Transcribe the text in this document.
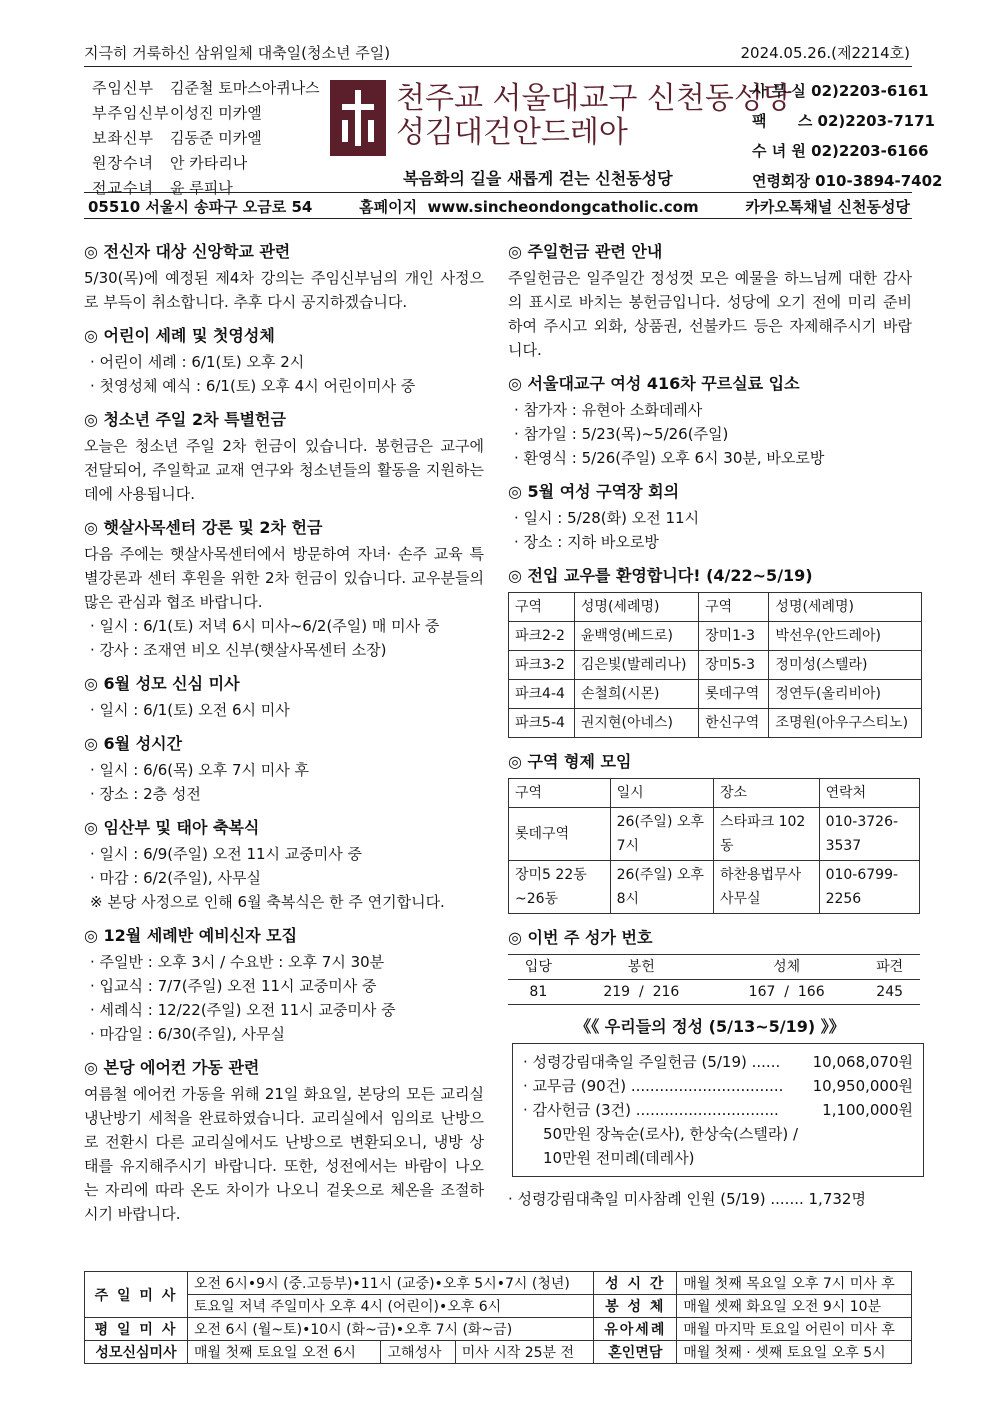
지극히 거룩하신 삼위일체 대축일(청소년 주일)	2024.05.26.(제2214호)
주임신부	김준철 토마스아퀴나스
부주임신부 이성진 미카엘
보좌신부	김동준 미카엘
원장수녀	안 카타리나
전교수녀	윤 루피나
천주교 서울대교구 신천동성당
성김대건안드레아
복음화의 길을 새롭게 걷는 신천동성당
사 무 실 02)2203-6161
팩      스 02)2203-7171
수 녀 원 02)2203-6166
연령회장 010-3894-7402
05510 서울시 송파구 오금로 54	홈페이지  www.sincheondongcatholic.com	카카오톡채널 신천동성당
◎ 전신자 대상 신앙학교 관련
5/30(목)에 예정된 제4차 강의는 주임신부님의 개인 사정으로 부득이 취소합니다. 추후 다시 공지하겠습니다.
◎ 어린이 세례 및 첫영성체
· 어린이 세례 : 6/1(토) 오후 2시
· 첫영성체 예식 : 6/1(토) 오후 4시 어린이미사 중
◎ 청소년 주일 2차 특별헌금
오늘은 청소년 주일 2차 헌금이 있습니다. 봉헌금은 교구에 전달되어, 주일학교 교재 연구와 청소년들의 활동을 지원하는 데에 사용됩니다.
◎ 햇살사목센터 강론 및 2차 헌금
다음 주에는 햇살사목센터에서 방문하여 자녀· 손주 교육 특별강론과 센터 후원을 위한 2차 헌금이 있습니다. 교우분들의 많은 관심과 협조 바랍니다.
· 일시 : 6/1(토) 저녁 6시 미사~6/2(주일) 매 미사 중
· 강사 : 조재연 비오 신부(햇살사목센터 소장)
◎ 6월 성모 신심 미사
· 일시 : 6/1(토) 오전 6시 미사
◎ 6월 성시간
· 일시 : 6/6(목) 오후 7시 미사 후
· 장소 : 2층 성전
◎ 임산부 및 태아 축복식
· 일시 : 6/9(주일) 오전 11시 교중미사 중
· 마감 : 6/2(주일), 사무실
※ 본당 사정으로 인해 6월 축복식은 한 주 연기합니다.
◎ 12월 세례반 예비신자 모집
· 주일반 : 오후 3시 / 수요반 : 오후 7시 30분
· 입교식 : 7/7(주일) 오전 11시 교중미사 중
· 세례식 : 12/22(주일) 오전 11시 교중미사 중
· 마감일 : 6/30(주일), 사무실
◎ 본당 에어컨 가동 관련
여름철 에어컨 가동을 위해 21일 화요일, 본당의 모든 교리실 냉난방기 세척을 완료하였습니다. 교리실에서 임의로 난방으로 전환시 다른 교리실에서도 난방으로 변환되오니, 냉방 상태를 유지해주시기 바랍니다. 또한, 성전에서는 바람이 나오는 자리에 따라 온도 차이가 나오니 겉옷으로 체온을 조절하시기 바랍니다.
◎ 주일헌금 관련 안내
주일헌금은 일주일간 정성껏 모은 예물을 하느님께 대한 감사의 표시로 바치는 봉헌금입니다. 성당에 오기 전에 미리 준비하여 주시고 외화, 상품권, 선불카드 등은 자제해주시기 바랍니다.
◎ 서울대교구 여성 416차 꾸르실료 입소
· 참가자 : 유현아 소화데레사
· 참가일 : 5/23(목)~5/26(주일)
· 환영식 : 5/26(주일) 오후 6시 30분, 바오로방
◎ 5월 여성 구역장 회의
· 일시 : 5/28(화) 오전 11시
· 장소 : 지하 바오로방
◎ 전입 교우를 환영합니다! (4/22~5/19)
구역	성명(세례명)	구역	성명(세례명)
파크2-2	윤백영(베드로)	장미1-3	박선우(안드레아)
파크3-2	김은빛(발레리나)	장미5-3	정미성(스텔라)
파크4-4	손철희(시몬)	롯데구역	정연두(올리비아)
파크5-4	권지현(아네스)	한신구역	조명원(아우구스티노)
◎ 구역 형제 모임
구역	일시	장소	연락처
롯데구역	26(주일) 오후 7시	스타파크 102동	010-3726-3537
장미5 22동~26동	26(주일) 오후 8시	하찬용법무사사무실	010-6799-2256
◎ 이번 주 성가 번호
입당	봉헌	성체	파견
81	219  /  216	167  /  166	245
《《 우리들의 정성 (5/13~5/19) 》》
· 성령강림대축일 주일헌금 (5/19) ...... 10,068,070원
· 교무금 (90건) ................................ 10,950,000원
· 감사헌금 (3건) ..............................	1,100,000원
50만원 장녹순(로사), 한상숙(스텔라) /
10만원 전미례(데레사)
· 성령강림대축일 미사참례 인원 (5/19) ....... 1,732명
주 일 미 사	오전 6시•9시 (중.고등부)•11시 (교중)•오후 5시•7시 (청년)			성 시 간	매월 첫째 목요일 오후 7시 미사 후
	토요일 저녁 주일미사 오후 4시 (어린이)•오후 6시			봉 성 체	매월 셋째 화요일 오전 9시 10분
평 일 미 사	오전 6시 (월~토)•10시 (화~금)•오후 7시 (화~금)			유아세례	매월 마지막 토요일 어린이 미사 후
성모신심미사	매월 첫째 토요일 오전 6시	고해성사	미사 시작 25분 전	혼인면담	매월 첫째 · 셋째 토요일 오후 5시
